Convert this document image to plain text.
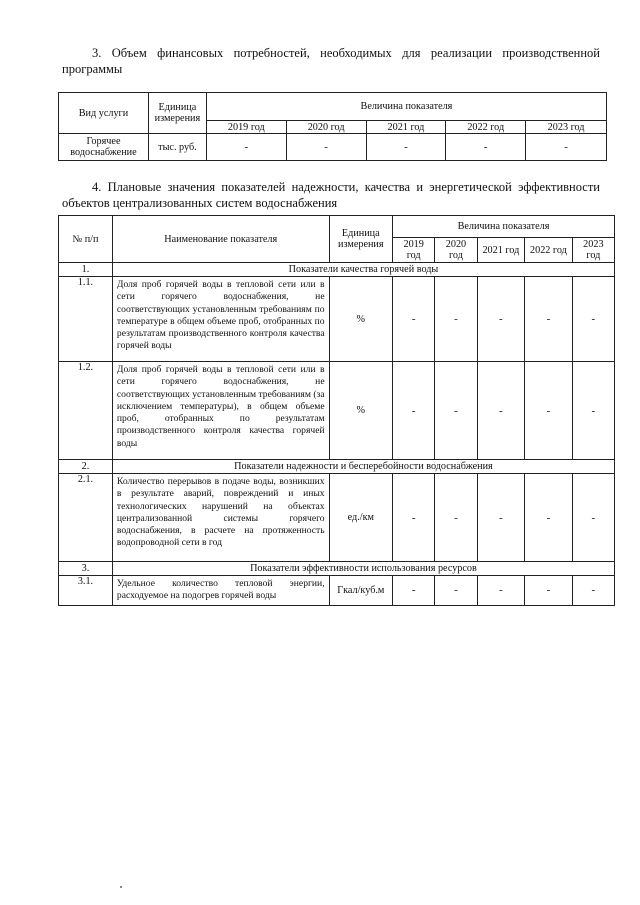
3. Объем финансовых потребностей, необходимых для реализации производственной программы
Вид услуги	Единица измерения	Величина показателя				
		2019 год	2020 год	2021 год	2022 год	2023 год
Горячее водоснабжение	тыс. руб.	-	-	-	-	-
4. Плановые значения показателей надежности, качества и энергетической эффективности объектов централизованных систем водоснабжения
№ п/п	Наименование показателя	Единица измерения	Величина показателя				
			2019 год	2020 год	2021 год	2022 год	2023 год
1.	Показатели качества горячей воды						
1.1.	Доля проб горячей воды в тепловой сети или в сети горячего водоснабжения, не соответствующих установленным требованиям по температуре в общем объеме проб, отобранных по результатам производственного контроля качества горячей воды	%	-	-	-	-	-
1.2.	Доля проб горячей воды в тепловой сети или в сети горячего водоснабжения, не соответствующих установленным требованиям (за исключением температуры), в общем объеме проб, отобранных по результатам производственного контроля качества горячей воды	%	-	-	-	-	-
2.	Показатели надежности и бесперебойности водоснабжения						
2.1.	Количество перерывов в подаче воды, возникших в результате аварий, повреждений и иных технологических нарушений на объектах централизованной системы горячего водоснабжения, в расчете на протяженность водопроводной сети в год	ед./км	-	-	-	-	-
3.	Показатели эффективности использования ресурсов						
3.1.	Удельное количество тепловой энергии, расходуемое на подогрев горячей воды	Гкал/куб.м	-	-	-	-	-
